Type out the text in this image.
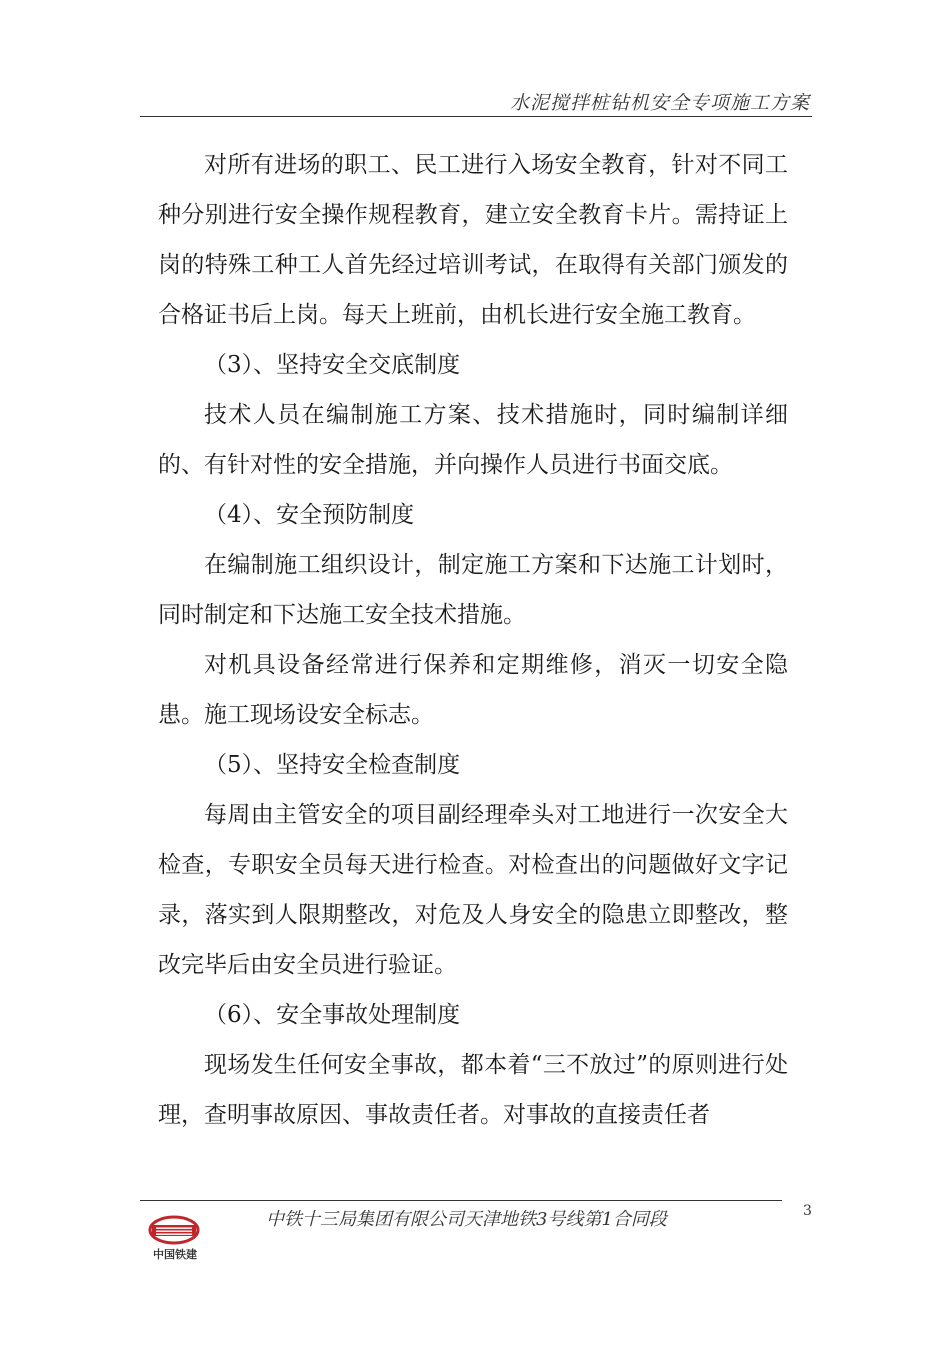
水泥搅拌桩钻机安全专项施工方案

对所有进场的职工、民工进行入场安全教育，针对不同工种分别进行安全操作规程教育，建立安全教育卡片。需持证上岗的特殊工种工人首先经过培训考试，在取得有关部门颁发的合格证书后上岗。每天上班前，由机长进行安全施工教育。

（3）、坚持安全交底制度

技术人员在编制施工方案、技术措施时，同时编制详细的、有针对性的安全措施，并向操作人员进行书面交底。

（4）、安全预防制度

在编制施工组织设计，制定施工方案和下达施工计划时，同时制定和下达施工安全技术措施。

对机具设备经常进行保养和定期维修，消灭一切安全隐患。施工现场设安全标志。

（5）、坚持安全检查制度

每周由主管安全的项目副经理牵头对工地进行一次安全大检查，专职安全员每天进行检查。对检查出的问题做好文字记录，落实到人限期整改，对危及人身安全的隐患立即整改，整改完毕后由安全员进行验证。

（6）、安全事故处理制度

现场发生任何安全事故，都本着“三不放过”的原则进行处理，查明事故原因、事故责任者。对事故的直接责任者

中国铁建
中铁十三局集团有限公司天津地铁3号线第1合同段	3
